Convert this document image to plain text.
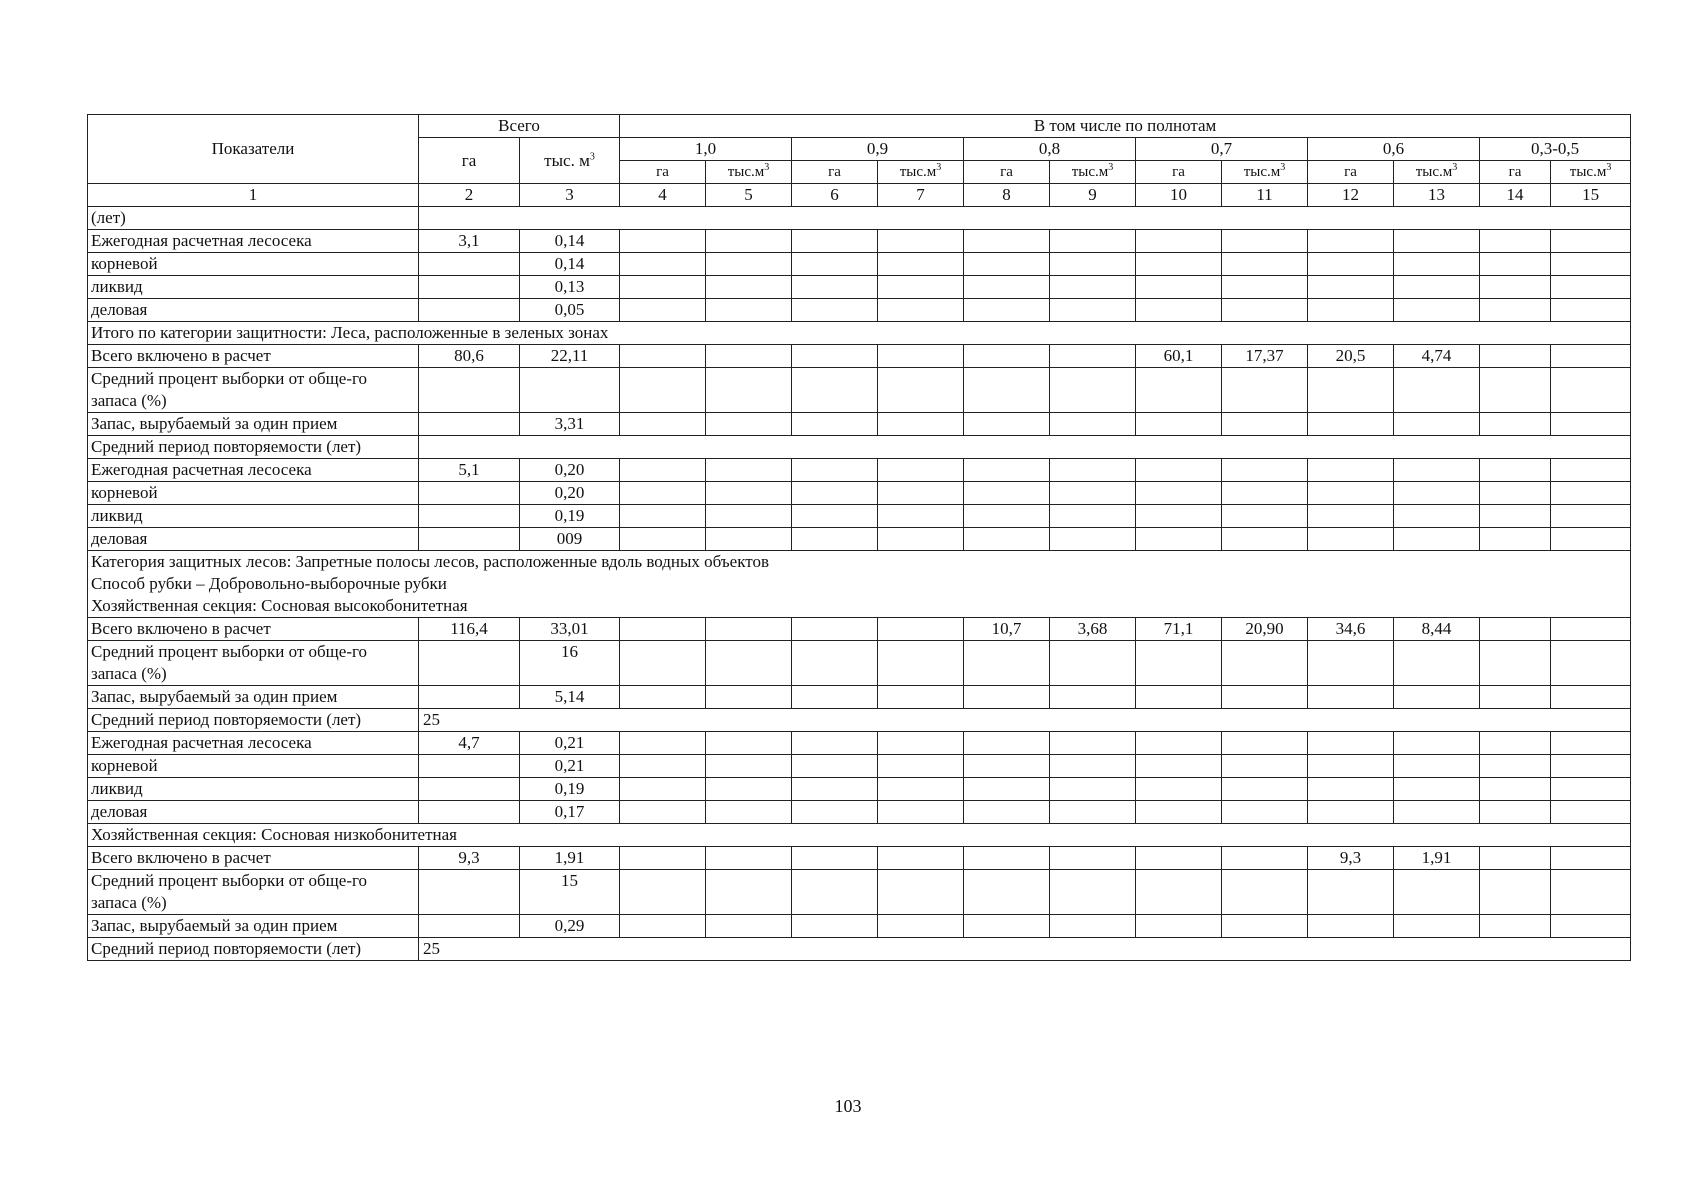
Показатели	Всего		В том числе по полнотам											
	га	тыс. $м^3$	1,0		0,9		0,8		0,7		0,6		0,3-0,5	
			га	$тыс.м^3$	га	$тыс.м^3$	га	$тыс.м^3$	га	$тыс.м^3$	га	$тыс.м^3$	га	$тыс.м^3$
1	2	3	4	5	6	7	8	9	10	11	12	13	14	15
(лет)														
Ежегодная расчетная лесосека	3,1	0,14												
корневой		0,14												
ликвид		0,13												
деловая		0,05												

Итого по категории защитности: Леса, расположенные в зеленых зонах														

Всего включено в расчет	80,6	22,11							60,1	17,37	20,5	4,74		
Средний процент выборки от обще-го запаса (%)														
Запас, вырубаемый за один прием		3,31												
Средний период повторяемости (лет)														
Ежегодная расчетная лесосека	5,1	0,20												
корневой		0,20												
ликвид		0,19												
деловая		009												

Категория защитных лесов: Запретные полосы лесов, расположенные вдоль водных объектов
Способ рубки – Добровольно-выборочные рубки
Хозяйственная секция: Сосновая высокобонитетная														

Всего включено в расчет	116,4	33,01					10,7	3,68	71,1	20,90	34,6	8,44		
Средний процент выборки от обще-го запаса (%)		16												
Запас, вырубаемый за один прием		5,14												
Средний период повторяемости (лет)	25													
Ежегодная расчетная лесосека	4,7	0,21												
корневой		0,21												
ликвид		0,19												
деловая		0,17												

Хозяйственная секция: Сосновая низкобонитетная														

Всего включено в расчет	9,3	1,91									9,3	1,91		
Средний процент выборки от обще-го запаса (%)		15												
Запас, вырубаемый за один прием		0,29												
Средний период повторяемости (лет)	25													
103
